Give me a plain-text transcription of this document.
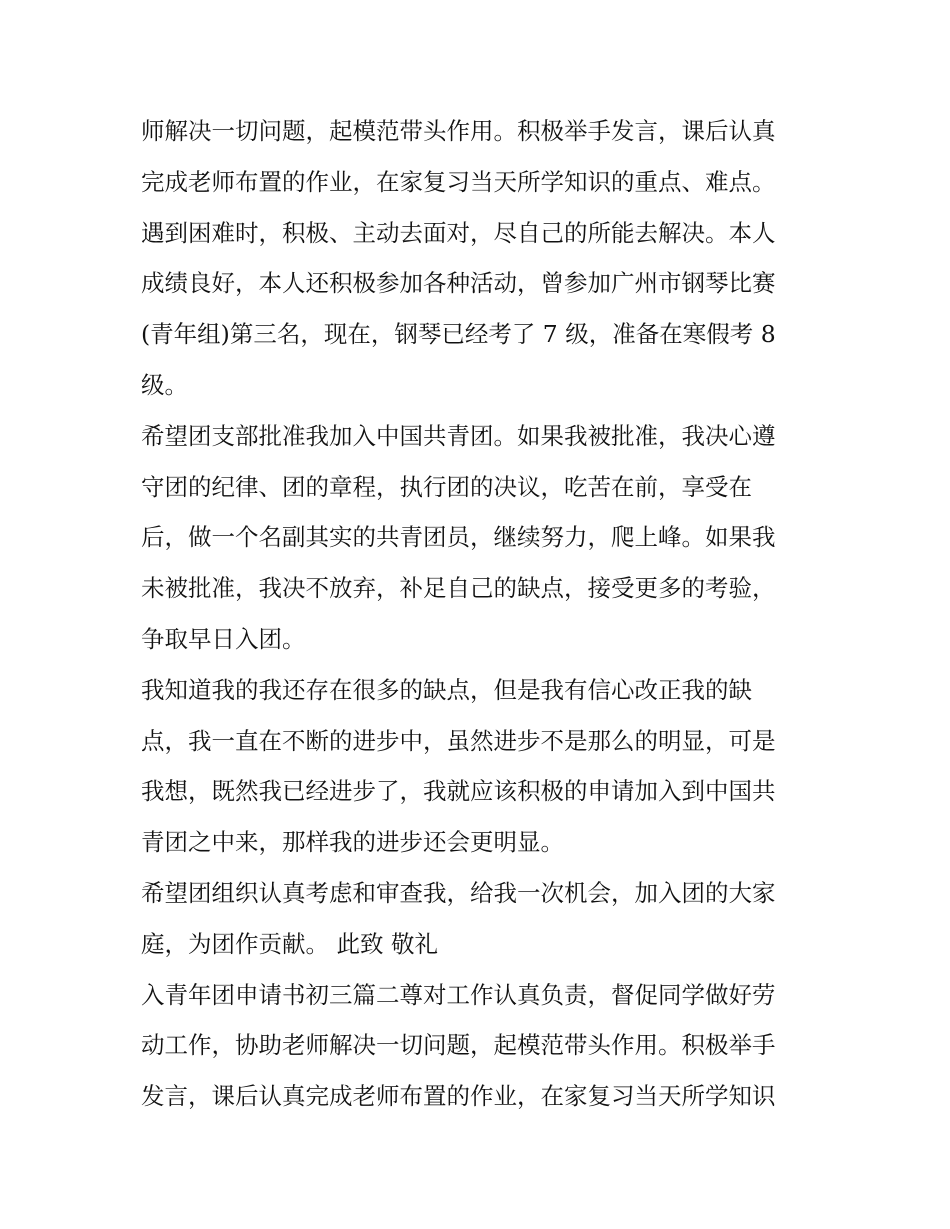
师解决一切问题，起模范带头作用。积极举手发言，课后认真
完成老师布置的作业，在家复习当天所学知识的重点、难点。
遇到困难时，积极、主动去面对，尽自己的所能去解决。本人
成绩良好，本人还积极参加各种活动，曾参加广州市钢琴比赛
(青年组)第三名，现在，钢琴已经考了 7 级，准备在寒假考 8
级。
希望团支部批准我加入中国共青团。如果我被批准，我决心遵
守团的纪律、团的章程，执行团的决议，吃苦在前，享受在
后，做一个名副其实的共青团员，继续努力，爬上峰。如果我
未被批准，我决不放弃，补足自己的缺点，接受更多的考验，
争取早日入团。
我知道我的我还存在很多的缺点，但是我有信心改正我的缺
点，我一直在不断的进步中，虽然进步不是那么的明显，可是
我想，既然我已经进步了，我就应该积极的申请加入到中国共
青团之中来，那样我的进步还会更明显。
希望团组织认真考虑和审查我，给我一次机会，加入团的大家
庭，为团作贡献。 此致 敬礼
入青年团申请书初三篇二尊对工作认真负责，督促同学做好劳
动工作，协助老师解决一切问题，起模范带头作用。积极举手
发言，课后认真完成老师布置的作业，在家复习当天所学知识
